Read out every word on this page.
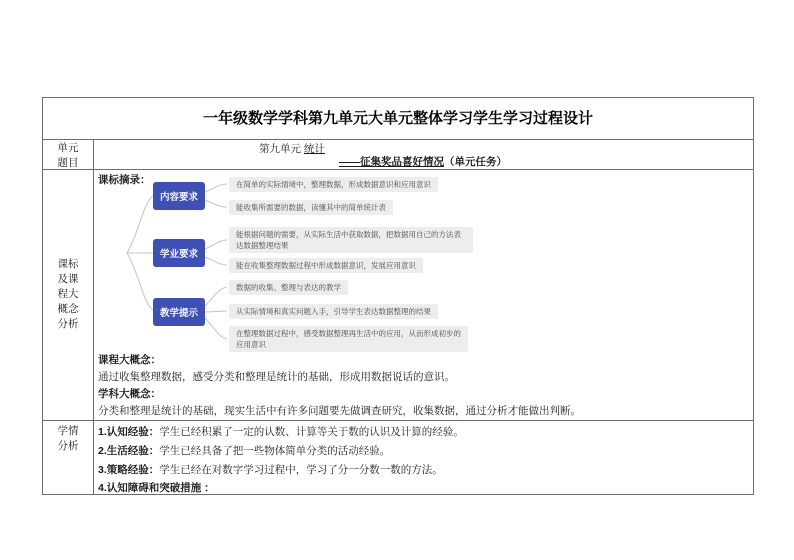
一年级数学学科第九单元大单元整体学习学生学习过程设计
单元
题目
第九单元 统计
——征集奖品喜好情况（单元任务）
课标
及课
程大
概念
分析
课标摘录：
内容要求
学业要求
教学提示
在简单的实际情境中，整理数据，形成数据意识和应用意识
能收集所需要的数据，读懂其中的简单统计表
能根据问题的需要，从实际生活中获取数据，把数据用自己的方法表达数据整理结果
能在收集整理数据过程中形成数据意识，发展应用意识
数据的收集、整理与表达的教学
从实际情境和真实问题入手，引导学生表达数据整理的结果
在整理数据过程中，感受数据整理再生活中的应用，从而形成初步的应用意识
课程大概念：
通过收集整理数据，感受分类和整理是统计的基础，形成用数据说话的意识。
学科大概念：
分类和整理是统计的基础，现实生活中有许多问题要先做调查研究，收集数据，通过分析才能做出判断。
学情
分析
1.认知经验：学生已经积累了一定的认数、计算等关于数的认识及计算的经验。
2.生活经验：学生已经具备了把一些物体简单分类的活动经验。
3.策略经验：学生已经在对数字学习过程中，学习了分一分数一数的方法。
4.认知障碍和突破措施 ：
